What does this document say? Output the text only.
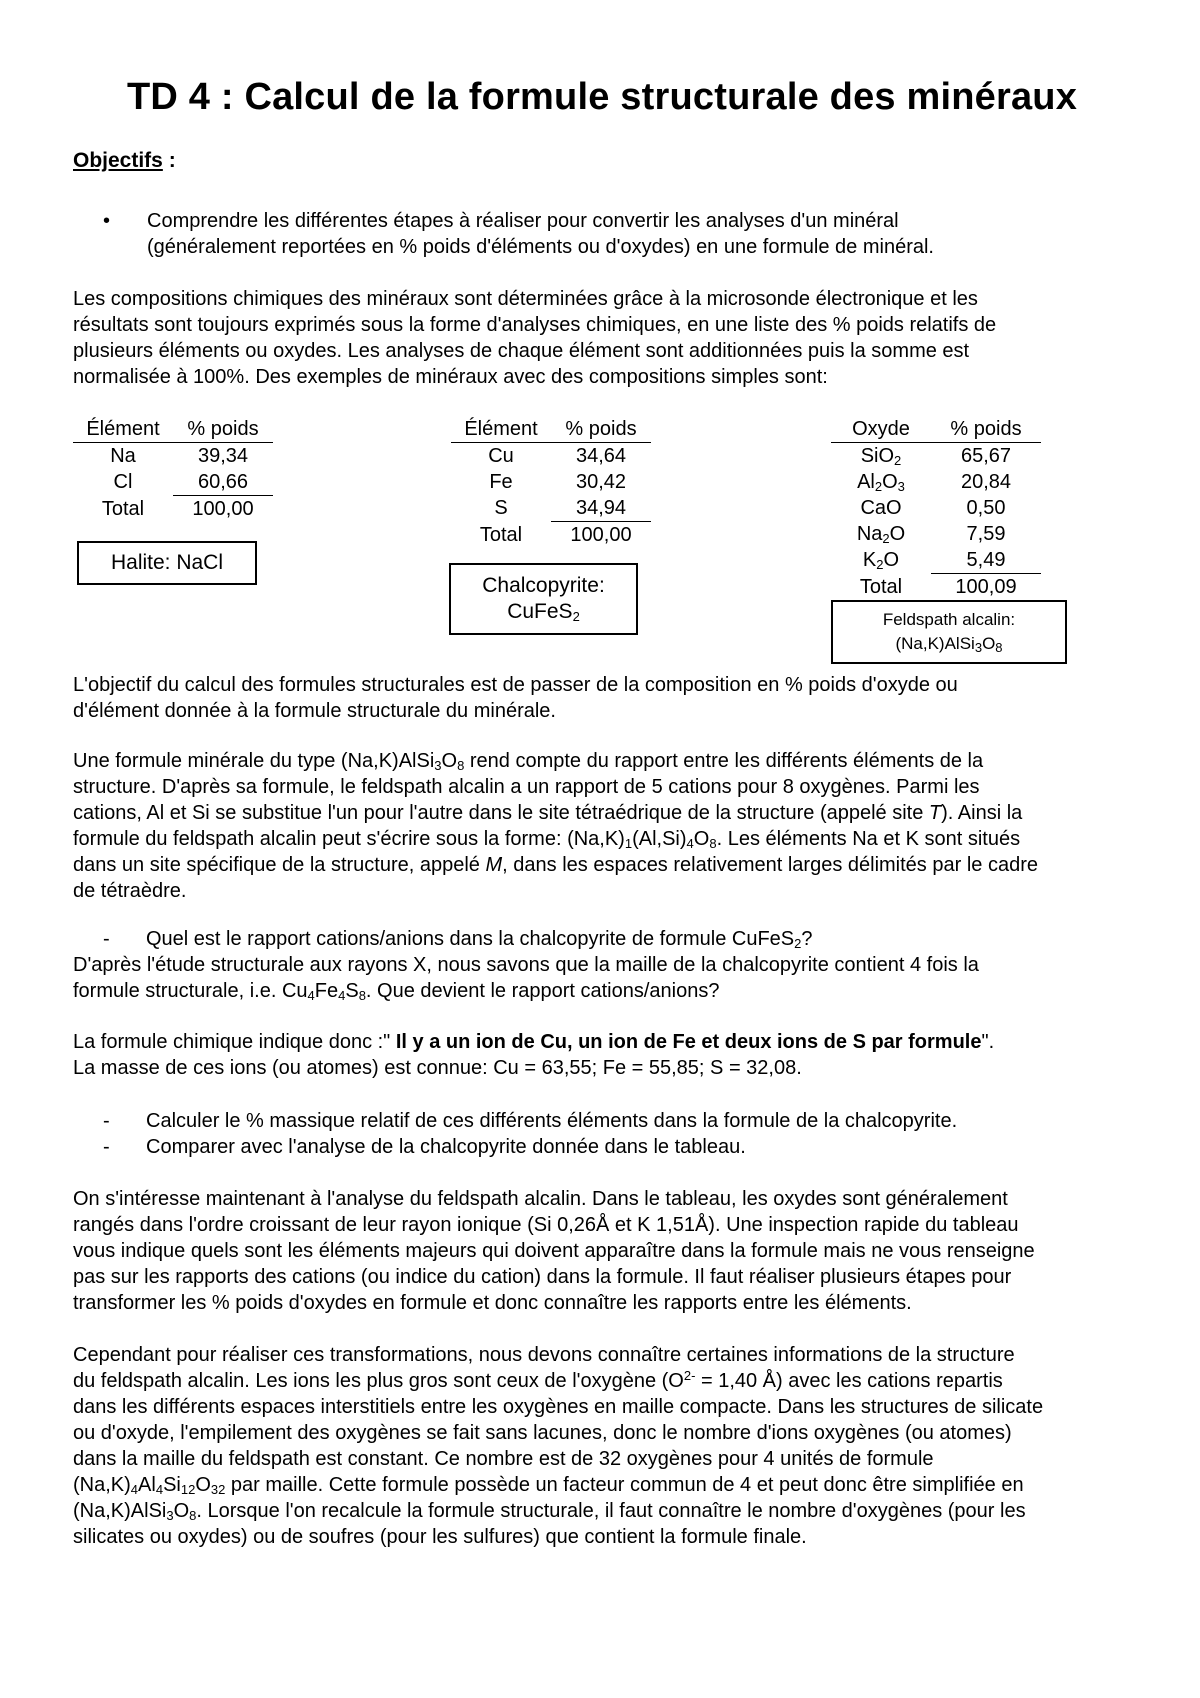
TD 4 : Calcul de la formule structurale des minéraux
Objectifs :
• Comprendre les différentes étapes à réaliser pour convertir les analyses d'un minéral
(généralement reportées en % poids d'éléments ou d'oxydes) en une formule de minéral.
Les compositions chimiques des minéraux sont déterminées grâce à la microsonde électronique et les
résultats sont toujours exprimés sous la forme d'analyses chimiques, en une liste des % poids relatifs de
plusieurs éléments ou oxydes. Les analyses de chaque élément sont additionnées puis la somme est
normalisée à 100%. Des exemples de minéraux avec des compositions simples sont:
Élément	% poids
Na	39,34
Cl	60,66
Total	100,00
Halite: NaCl
Élément	% poids
Cu	34,64
Fe	30,42
S	34,94
Total	100,00
Chalcopyrite:
CuFeS$_2$
Oxyde	% poids
SiO$_2$	65,67
$Al_2O_3$	20,84
CaO	0,50
$Na_2O$	7,59
$K_2O$	5,49
Total	100,09
Feldspath alcalin:
$(Na,K)AlSi_3O_8$
L'objectif du calcul des formules structurales est de passer de la composition en % poids d'oxyde ou
d'élément donnée à la formule structurale du minérale.
Une formule minérale du type $(Na,K)AlSi_3O_8$ rend compte du rapport entre les différents éléments de la
structure. D'après sa formule, le feldspath alcalin a un rapport de 5 cations pour 8 oxygènes. Parmi les
cations, Al et Si se substitue l'un pour l'autre dans le site tétraédrique de la structure (appelé site T). Ainsi la
formule du feldspath alcalin peut s'écrire sous la forme: $(Na,K)_1(Al,Si)_4O_8$. Les éléments Na et K sont situés
dans un site spécifique de la structure, appelé M, dans les espaces relativement larges délimités par le cadre
de tétraèdre.
- Quel est le rapport cations/anions dans la chalcopyrite de formule CuFeS$_2$?
D'après l'étude structurale aux rayons X, nous savons que la maille de la chalcopyrite contient 4 fois la
formule structurale, i.e. $Cu_4Fe_4S_8$. Que devient le rapport cations/anions?
La formule chimique indique donc :" Il y a un ion de Cu, un ion de Fe et deux ions de S par formule".
La masse de ces ions (ou atomes) est connue: Cu = 63,55; Fe = 55,85; S = 32,08.
- Calculer le % massique relatif de ces différents éléments dans la formule de la chalcopyrite.
- Comparer avec l'analyse de la chalcopyrite donnée dans le tableau.
On s'intéresse maintenant à l'analyse du feldspath alcalin. Dans le tableau, les oxydes sont généralement
rangés dans l'ordre croissant de leur rayon ionique (Si 0,26Å et K 1,51Å). Une inspection rapide du tableau
vous indique quels sont les éléments majeurs qui doivent apparaître dans la formule mais ne vous renseigne
pas sur les rapports des cations (ou indice du cation) dans la formule. Il faut réaliser plusieurs étapes pour
transformer les % poids d'oxydes en formule et donc connaître les rapports entre les éléments.
Cependant pour réaliser ces transformations, nous devons connaître certaines informations de la structure
du feldspath alcalin. Les ions les plus gros sont ceux de l'oxygène ($O^{2-} = 1,40$ Å) avec les cations repartis
dans les différents espaces interstitiels entre les oxygènes en maille compacte. Dans les structures de silicate
ou d'oxyde, l'empilement des oxygènes se fait sans lacunes, donc le nombre d'ions oxygènes (ou atomes)
dans la maille du feldspath est constant. Ce nombre est de 32 oxygènes pour 4 unités de formule
$(Na,K)_4Al_4Si_{12}O_{32}$ par maille. Cette formule possède un facteur commun de 4 et peut donc être simplifiée en
$(Na,K)AlSi_3O_8$. Lorsque l'on recalcule la formule structurale, il faut connaître le nombre d'oxygènes (pour les
silicates ou oxydes) ou de soufres (pour les sulfures) que contient la formule finale.
